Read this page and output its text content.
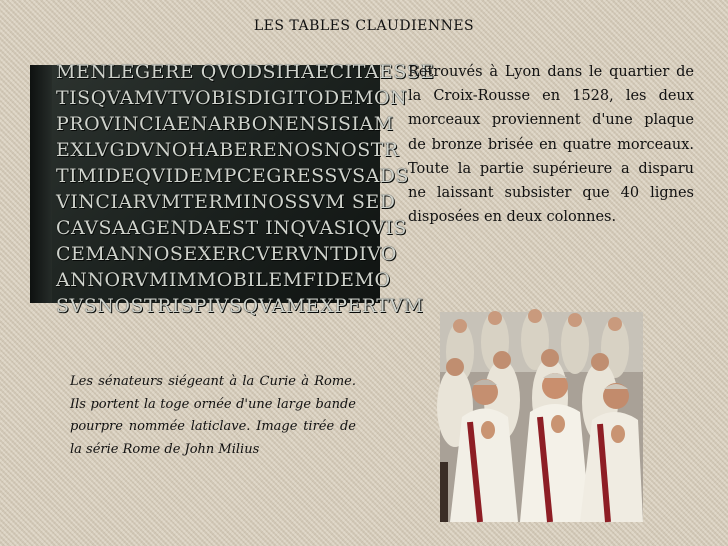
LES TABLES CLAUDIENNES
MENLEGERE QVODSIHAECITAESSE
TISQVAMVTVOBISDIGITODEMON
PROVINCIAENARBONENSISIAM
EXLVGDVNOHABERENOSNOSTR
TIMIDEQVIDEMPCEGRESSVSADS
VINCIARVMTERMINOSSVM SED
CAVSAAGENDAEST INQVASIQVIS
CEMANNOSEXERCVERVNTDIVO
ANNORVMIMMOBILEMFIDEMO
SVSNOSTRISPIVSQVAMEXPERTVM
Retrouvés à Lyon dans le quartier de la Croix-Rousse en 1528, les deux morceaux proviennent d'une plaque de bronze brisée en quatre morceaux. Toute la partie supérieure a disparu ne laissant subsister que 40 lignes disposées en deux colonnes.
Les sénateurs siégeant à la Curie à Rome. Ils portent la toge ornée d'une large bande pourpre nommée laticlave. Image tirée de la série Rome de John Milius
